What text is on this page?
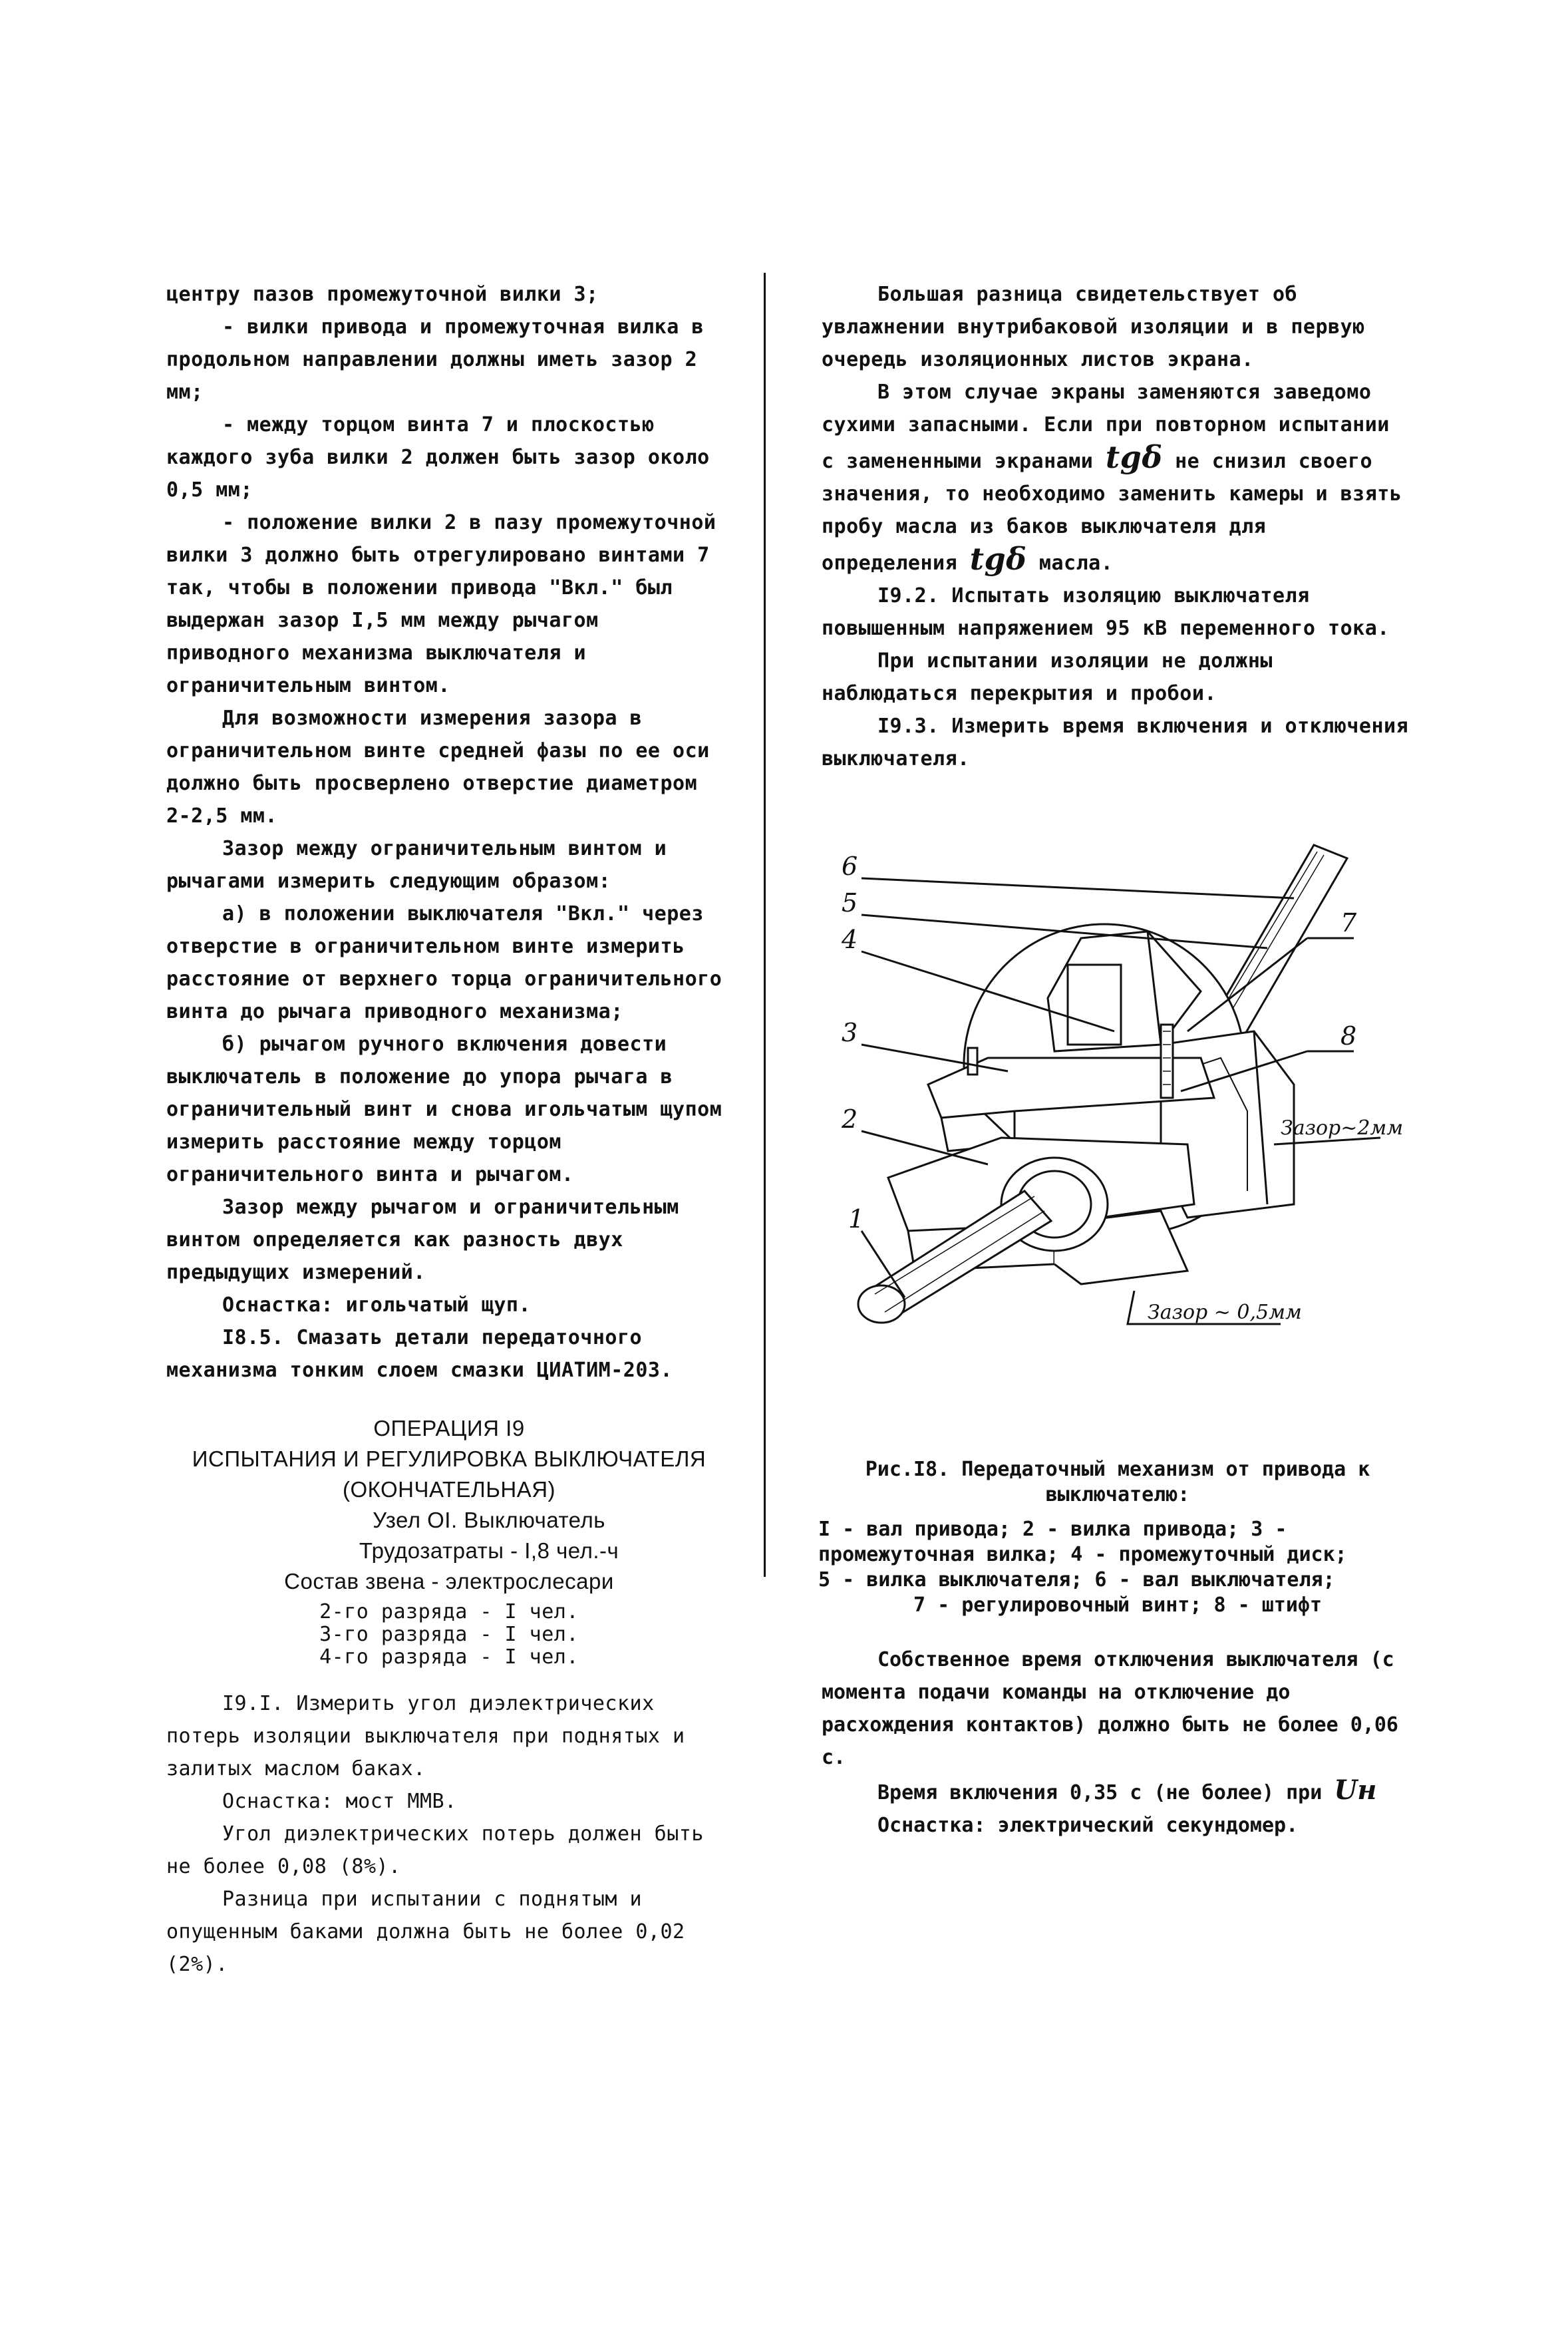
центру пазов промежуточной вилки 3;

- вилки привода и промежуточная вилка в продольном направлении должны иметь зазор 2 мм;

- между торцом винта 7 и плоскостью каждого зуба вилки 2 должен быть зазор около 0,5 мм;

- положение вилки 2 в пазу промежуточной вилки 3 должно быть отрегулировано винтами 7 так, чтобы в положении привода "Вкл." был выдержан зазор I,5 мм между рычагом приводного механизма выключателя и ограничительным винтом.

Для возможности измерения зазора в ограничительном винте средней фазы по ее оси должно быть просверлено отверстие диаметром 2-2,5 мм.

Зазор между ограничительным винтом и рычагами измерить следующим образом:

а) в положении выключателя "Вкл." через отверстие в ограничительном винте измерить расстояние от верхнего торца ограничительного винта до рычага приводного механизма;

б) рычагом ручного включения довести выключатель в положение до упора рычага в ограничительный винт и снова игольчатым щупом измерить расстояние между торцом ограничительного винта и рычагом.

Зазор между рычагом и ограничительным винтом определяется как разность двух предыдущих измерений.

Оснастка: игольчатый щуп.

I8.5. Смазать детали передаточного механизма тонким слоем смазки ЦИАТИМ-203.

ОПЕРАЦИЯ I9
ИСПЫТАНИЯ И РЕГУЛИРОВКА ВЫКЛЮЧАТЕЛЯ
(ОКОНЧАТЕЛЬНАЯ)
Узел OI. Выключатель
Трудозатраты - I,8 чел.-ч
Состав звена - электрослесари
2-го разряда - I чел.
3-го разряда - I чел.
4-го разряда - I чел.

I9.I. Измерить угол диэлектрических потерь изоляции выключателя при поднятых и залитых маслом баках.

Оснастка: мост ММВ.

Угол диэлектрических потерь должен быть не более 0,08 (8%).

Разница при испытании с поднятым и опущенным баками должна быть не более 0,02 (2%).

Большая разница свидетельствует об увлажнении внутрибаковой изоляции и в первую очередь изоляционных листов экрана.

В этом случае экраны заменяются заведомо сухими запасными. Если при повторном испытании с замененными экранами tgδ не снизил своего значения, то необходимо заменить камеры и взять пробу масла из баков выключателя для определения tgδ масла.

I9.2. Испытать изоляцию выключателя повышенным напряжением 95 кВ переменного тока.

При испытании изоляции не должны наблюдаться перекрытия и пробои.

I9.3. Измерить время включения и отключения выключателя.

6
5
4
3
2
1
7
8
Зазор~2мм
Зазор ~ 0,5мм
Рис.I8. Передаточный механизм от привода к выключателю:
I - вал привода; 2 - вилка привода; 3 - промежуточная вилка; 4 - промежуточный диск;
5 - вилка выключателя; 6 - вал выключателя;
7 - регулировочный винт; 8 - штифт

Собственное время отключения выключателя (с момента подачи команды на отключение до расхождения контактов) должно быть не более 0,06 с.

Время включения 0,35 с (не более) при Uн

Оснастка: электрический секундомер.
